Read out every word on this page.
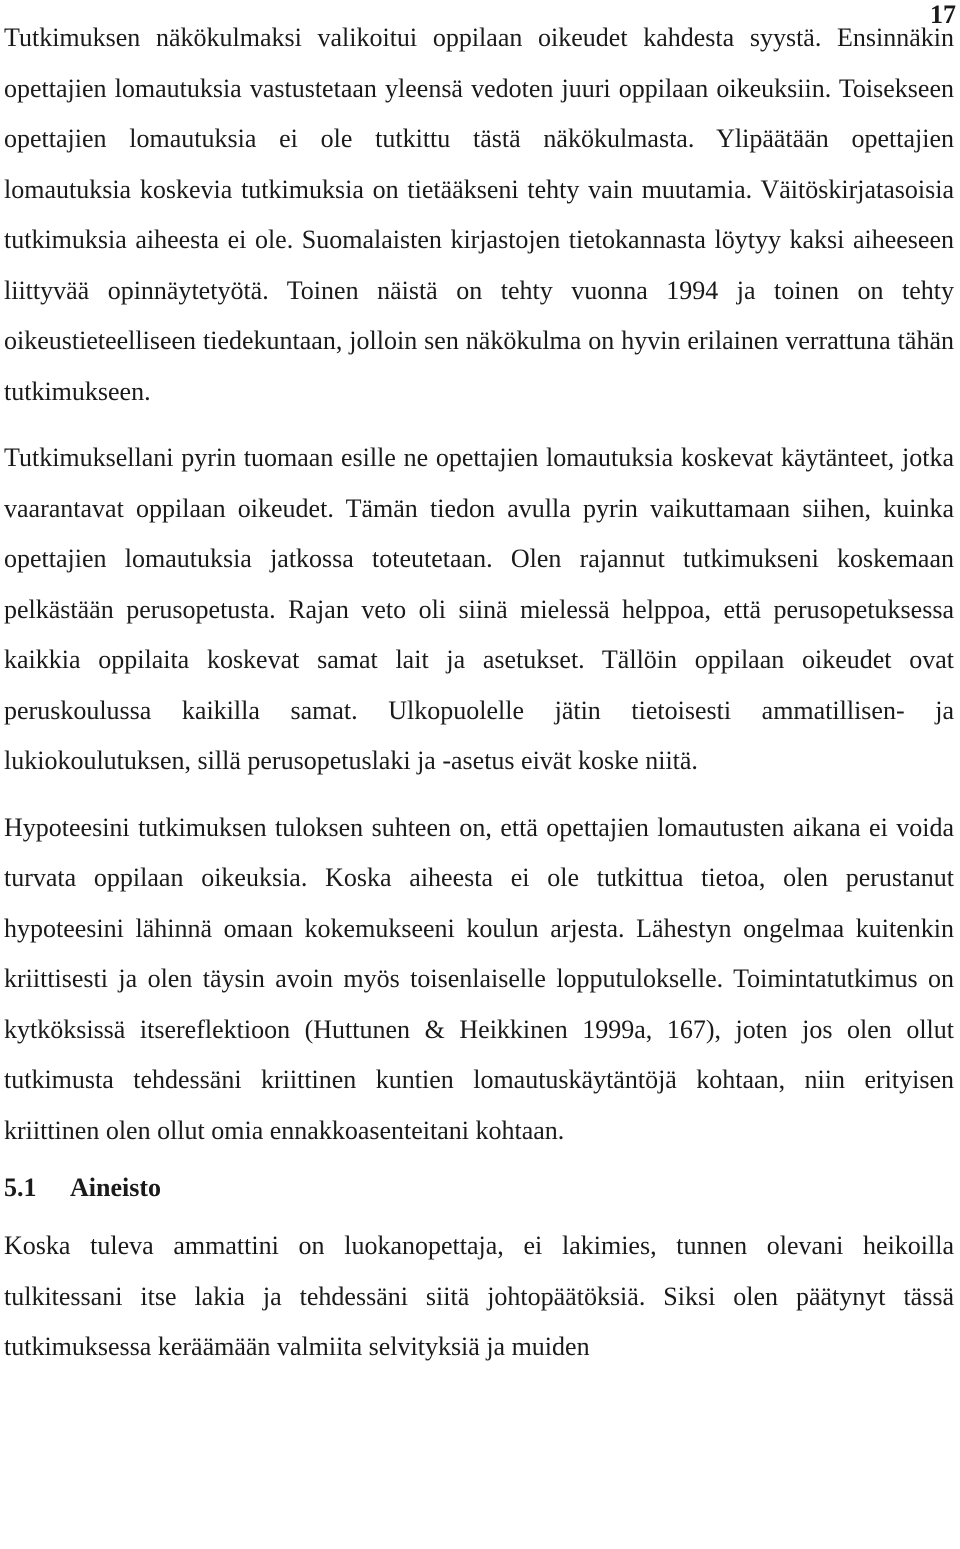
17

Tutkimuksen näkökulmaksi valikoitui oppilaan oikeudet kahdesta syystä. Ensinnäkin opettajien lomautuksia vastustetaan yleensä vedoten juuri oppilaan oikeuksiin. Toisekseen opettajien lomautuksia ei ole tutkittu tästä näkökulmasta. Ylipäätään opettajien lomautuksia koskevia tutkimuksia on tietääkseni tehty vain muutamia. Väitöskirjatasoisia tutkimuksia aiheesta ei ole. Suomalaisten kirjastojen tietokannasta löytyy kaksi aiheeseen liittyvää opinnäytetyötä. Toinen näistä on tehty vuonna 1994 ja toinen on tehty oikeustieteelliseen tiedekuntaan, jolloin sen näkökulma on hyvin erilainen verrattuna tähän tutkimukseen.

Tutkimuksellani pyrin tuomaan esille ne opettajien lomautuksia koskevat käytänteet, jotka vaarantavat oppilaan oikeudet. Tämän tiedon avulla pyrin vaikuttamaan siihen, kuinka opettajien lomautuksia jatkossa toteutetaan. Olen rajannut tutkimukseni koskemaan pelkästään perusopetusta. Rajan veto oli siinä mielessä helppoa, että perusopetuksessa kaikkia oppilaita koskevat samat lait ja asetukset. Tällöin oppilaan oikeudet ovat peruskoulussa kaikilla samat. Ulkopuolelle jätin tietoisesti ammatillisen- ja lukiokoulutuksen, sillä perusopetuslaki ja -asetus eivät koske niitä.

Hypoteesini tutkimuksen tuloksen suhteen on, että opettajien lomautusten aikana ei voida turvata oppilaan oikeuksia. Koska aiheesta ei ole tutkittua tietoa, olen perustanut hypoteesini lähinnä omaan kokemukseeni koulun arjesta. Lähestyn ongelmaa kuitenkin kriittisesti ja olen täysin avoin myös toisenlaiselle lopputulokselle. Toimintatutkimus on kytköksissä itsereflektioon (Huttunen & Heikkinen 1999a, 167), joten jos olen ollut tutkimusta tehdessäni kriittinen kuntien lomautuskäytäntöjä kohtaan, niin erityisen kriittinen olen ollut omia ennakkoasenteitani kohtaan.

5.1	Aineisto

Koska tuleva ammattini on luokanopettaja, ei lakimies, tunnen olevani heikoilla tulkitessani itse lakia ja tehdessäni siitä johtopäätöksiä. Siksi olen päätynyt tässä tutkimuksessa keräämään valmiita selvityksiä ja muiden
